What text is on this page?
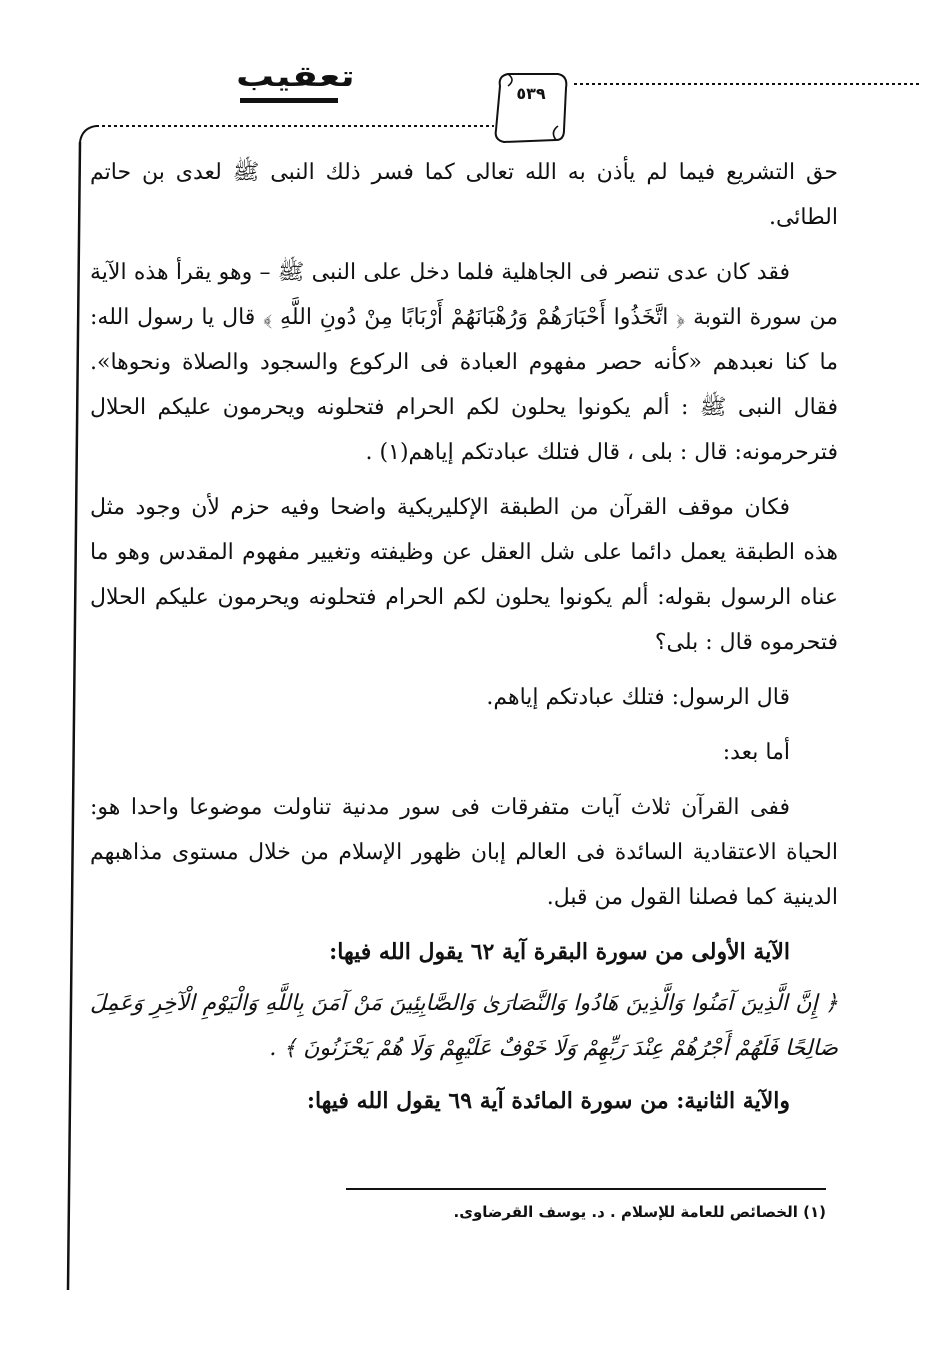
٥٣٩
تعقيب

حق التشريع فيما لم يأذن به الله تعالى كما فسر ذلك النبى ﷺ لعدى بن حاتم الطائى.

فقد كان عدى تنصر فى الجاهلية فلما دخل على النبى ﷺ – وهو يقرأ هذه الآية من سورة التوبة ﴿ اتَّخَذُوا أَحْبَارَهُمْ وَرُهْبَانَهُمْ أَرْبَابًا مِنْ دُونِ اللَّهِ ﴾ قال يا رسول الله: ما كنا نعبدهم «كأنه حصر مفهوم العبادة فى الركوع والسجود والصلاة ونحوها». فقال النبى ﷺ : ألم يكونوا يحلون لكم الحرام فتحلونه ويحرمون عليكم الحلال فترحرمونه: قال : بلى ، قال فتلك عبادتكم إياهم(١) .

فكان موقف القرآن من الطبقة الإكليريكية واضحا وفيه حزم لأن وجود مثل هذه الطبقة يعمل دائما على شل العقل عن وظيفته وتغيير مفهوم المقدس وهو ما عناه الرسول بقوله: ألم يكونوا يحلون لكم الحرام فتحلونه ويحرمون عليكم الحلال فتحرموه قال : بلى؟

قال الرسول: فتلك عبادتكم إياهم.

أما بعد:

ففى القرآن ثلاث آيات متفرقات فى سور مدنية تناولت موضوعا واحدا هو: الحياة الاعتقادية السائدة فى العالم إبان ظهور الإسلام من خلال مستوى مذاهبهم الدينية كما فصلنا القول من قبل.

الآية الأولى من سورة البقرة آية ٦٢ يقول الله فيها:

﴿ إِنَّ الَّذِينَ آمَنُوا وَالَّذِينَ هَادُوا وَالنَّصَارَىٰ وَالصَّابِئِينَ مَنْ آمَنَ بِاللَّهِ وَالْيَوْمِ الْآخِرِ وَعَمِلَ صَالِحًا فَلَهُمْ أَجْرُهُمْ عِنْدَ رَبِّهِمْ وَلَا خَوْفٌ عَلَيْهِمْ وَلَا هُمْ يَحْزَنُونَ ﴾ .

والآية الثانية: من سورة المائدة آية ٦٩ يقول الله فيها:

(١) الخصائص للعامة للإسلام . د. يوسف القرضاوى.
